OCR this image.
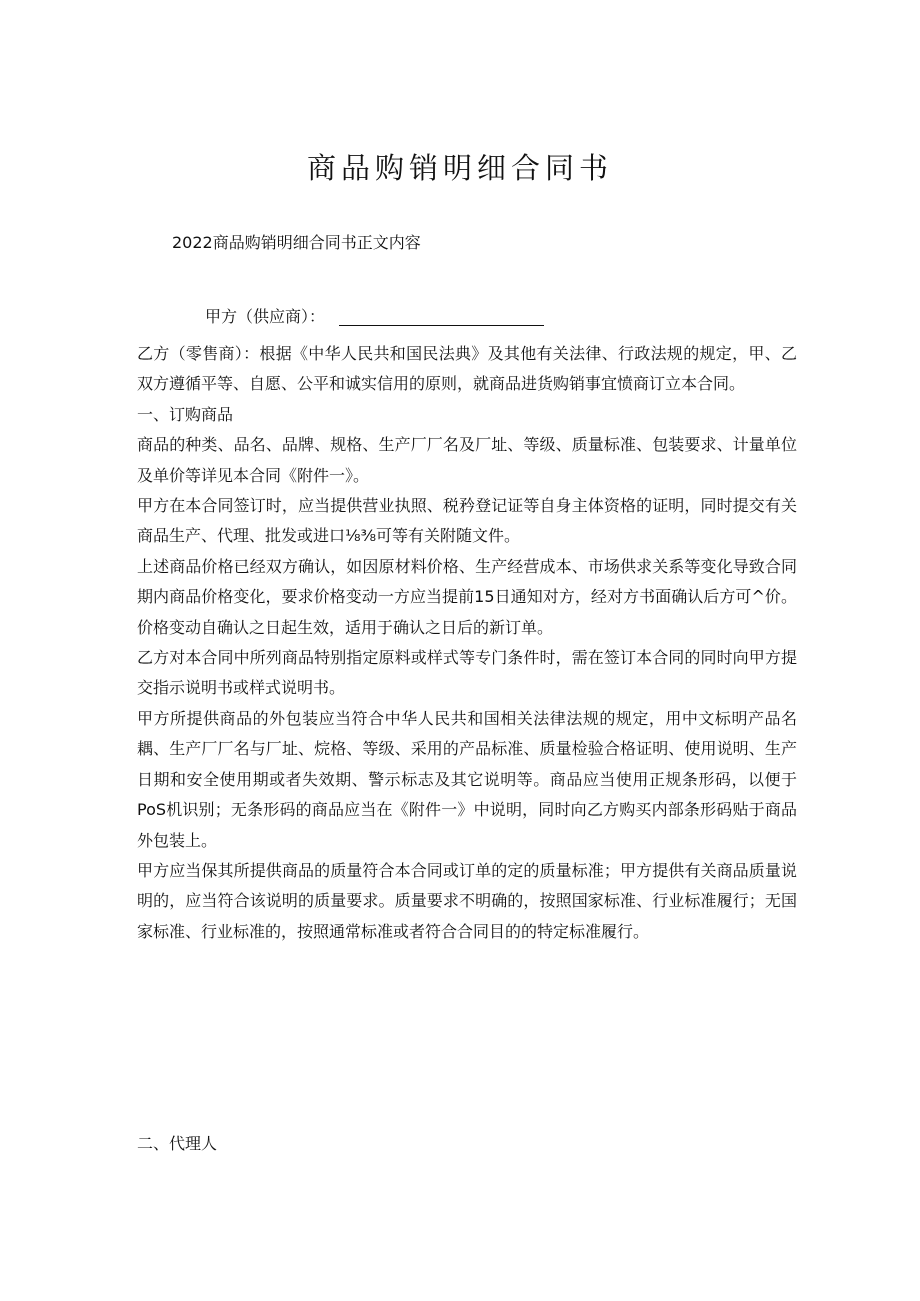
商品购销明细合同书
2022商品购销明细合同书正文内容
甲方（供应商）：

乙方（零售商）：根据《中华人民共和国民法典》及其他有关法律、行政法规的规定，甲、乙双方遵循平等、自愿、公平和诚实信用的原则，就商品进货购销事宜愤商订立本合同。

一、订购商品

商品的种类、品名、品牌、规格、生产厂厂名及厂址、等级、质量标准、包装要求、计量单位及单价等详见本合同《附件一》。

甲方在本合同签订时，应当提供营业执照、税矜登记证等自身主体资格的证明，同时提交有关商品生产、代理、批发或进口⅛⅜可等有关附随文件。

上述商品价格已经双方确认，如因原材料价格、生产经营成本、市场供求关系等变化导致合同期内商品价格变化，要求价格变动一方应当提前15日通知对方，经对方书面确认后方可^价。价格变动自确认之日起生效，适用于确认之日后的新订单。

乙方对本合同中所列商品特别指定原料或样式等专门条件时，需在签订本合同的同时向甲方提交指示说明书或样式说明书。

甲方所提供商品的外包装应当符合中华人民共和国相关法律法规的规定，用中文标明产品名耦、生产厂厂名与厂址、烷格、等级、采用的产品标准、质量检验合格证明、使用说明、生产日期和安全使用期或者失效期、警示标志及其它说明等。商品应当使用正规条形码，以便于PoS机识别；无条形码的商品应当在《附件一》中说明，同时向乙方购买内部条形码贴于商品外包装上。

甲方应当保其所提供商品的质量符合本合同或订单的定的质量标准；甲方提供有关商品质量说明的，应当符合该说明的质量要求。质量要求不明确的，按照国家标准、行业标准履行；无国家标准、行业标准的，按照通常标准或者符合合同目的的特定标准履行。

二、代理人
